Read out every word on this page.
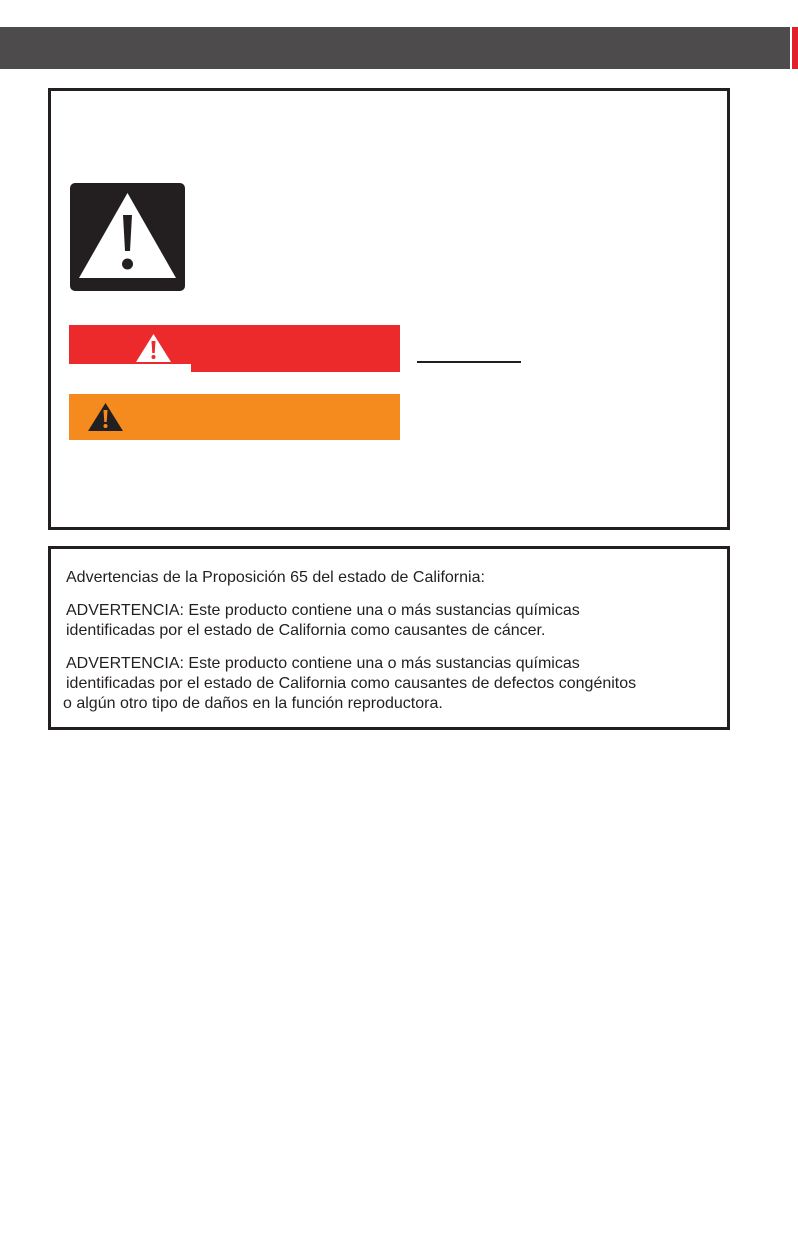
Advertencias de la Proposición 65 del estado de California:
ADVERTENCIA: Este producto contiene una o más sustancias químicas
identificadas por el estado de California como causantes de cáncer.
ADVERTENCIA: Este producto contiene una o más sustancias químicas
identificadas por el estado de California como causantes de defectos congénitos
o algún otro tipo de daños en la función reproductora.
